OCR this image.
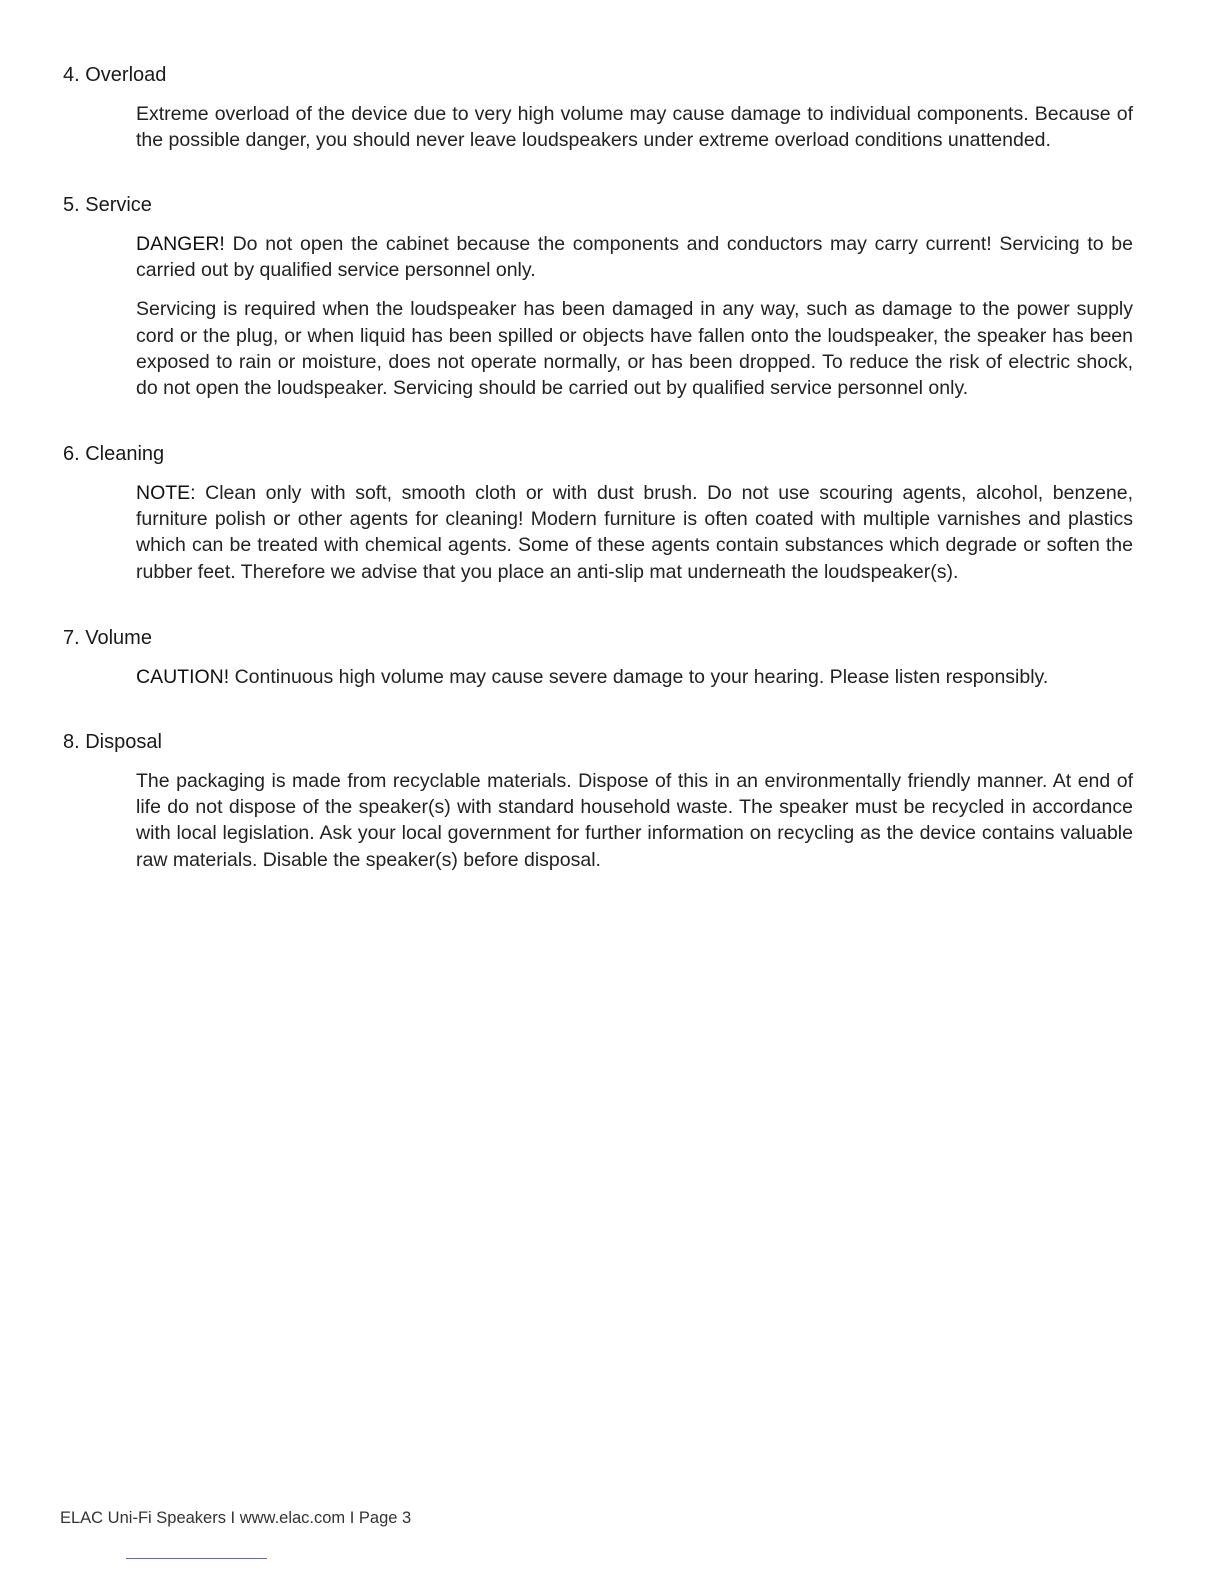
4. Overload

Extreme overload of the device due to very high volume may cause damage to individual components. Because of the possible danger, you should never leave loudspeakers under extreme overload conditions unattended.

5. Service

DANGER! Do not open the cabinet because the components and conductors may carry current! Servicing to be carried out by qualified service personnel only.

Servicing is required when the loudspeaker has been damaged in any way, such as damage to the power supply cord or the plug, or when liquid has been spilled or objects have fallen onto the loudspeaker, the speaker has been exposed to rain or moisture, does not operate normally, or has been dropped. To reduce the risk of electric shock, do not open the loudspeaker. Servicing should be carried out by qualified service personnel only.

6. Cleaning

NOTE: Clean only with soft, smooth cloth or with dust brush. Do not use scouring agents, alcohol, benzene, furniture polish or other agents for cleaning! Modern furniture is often coated with multiple varnishes and plastics which can be treated with chemical agents. Some of these agents contain substances which degrade or soften the rubber feet. Therefore we advise that you place an anti-slip mat underneath the loudspeaker(s).

7. Volume

CAUTION! Continuous high volume may cause severe damage to your hearing. Please listen responsibly.

8. Disposal

The packaging is made from recyclable materials. Dispose of this in an environmentally friendly manner. At end of life do not dispose of the speaker(s) with standard household waste. The speaker must be recycled in accordance with local legislation. Ask your local government for further information on recycling as the device contains valuable raw materials. Disable the speaker(s) before disposal.

ELAC Uni-Fi Speakers I www.elac.com I Page 3
